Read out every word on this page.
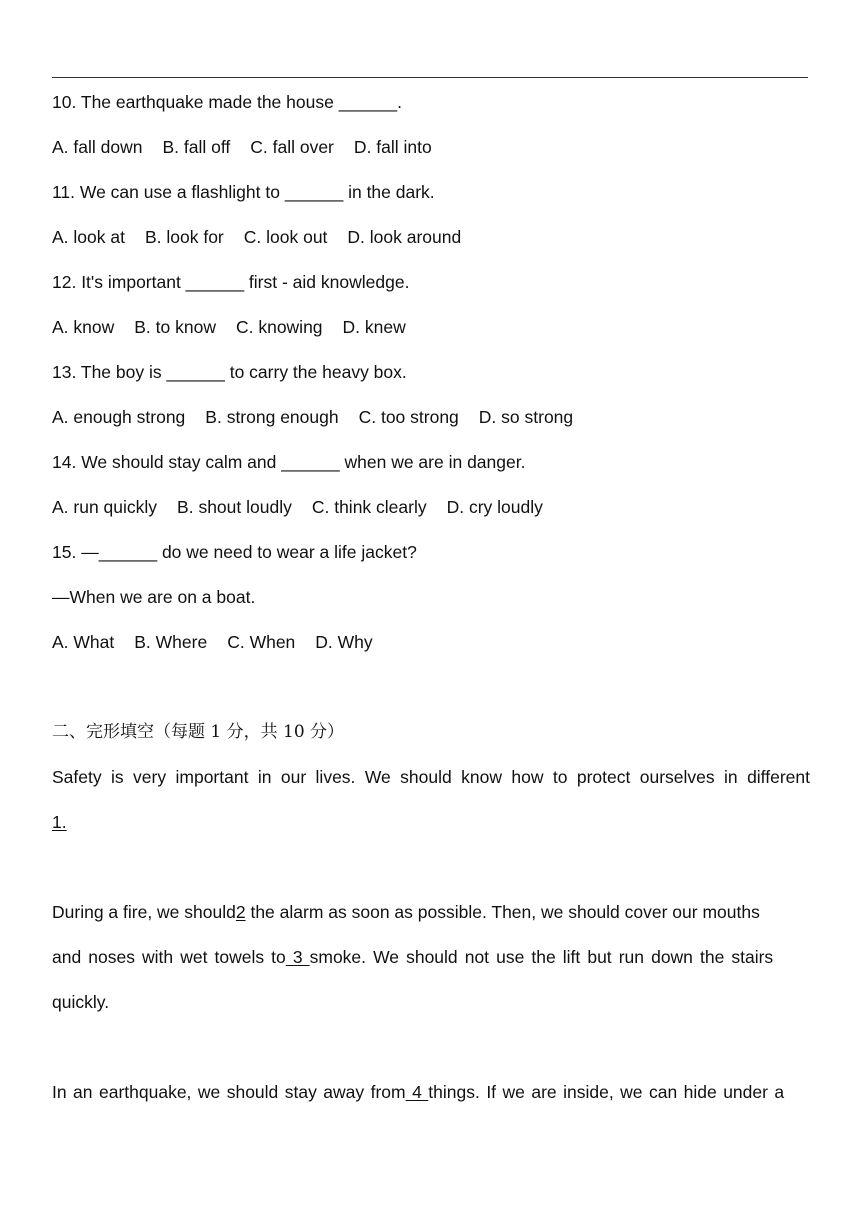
10. The earthquake made the house ______.
A. fall down B. fall off C. fall over D. fall into
11. We can use a flashlight to ______ in the dark.
A. look at B. look for C. look out D. look around
12. It's important ______ first - aid knowledge.
A. know B. to know C. knowing D. knew
13. The boy is ______ to carry the heavy box.
A. enough strong B. strong enough C. too strong D. so strong
14. We should stay calm and ______ when we are in danger.
A. run quickly B. shout loudly C. think clearly D. cry loudly
15. —______ do we need to wear a life jacket?
—When we are on a boat.
A. What B. Where C. When D. Why
二、完形填空（每题 1 分，共 10 分）
Safety is very important in our lives. We should know how to protect ourselves in different
1.
During a fire, we should2 the alarm as soon as possible. Then, we should cover our mouths
and noses with wet towels to 3 smoke. We should not use the lift but run down the stairs
quickly.
In an earthquake, we should stay away from 4 things. If we are inside, we can hide under a
